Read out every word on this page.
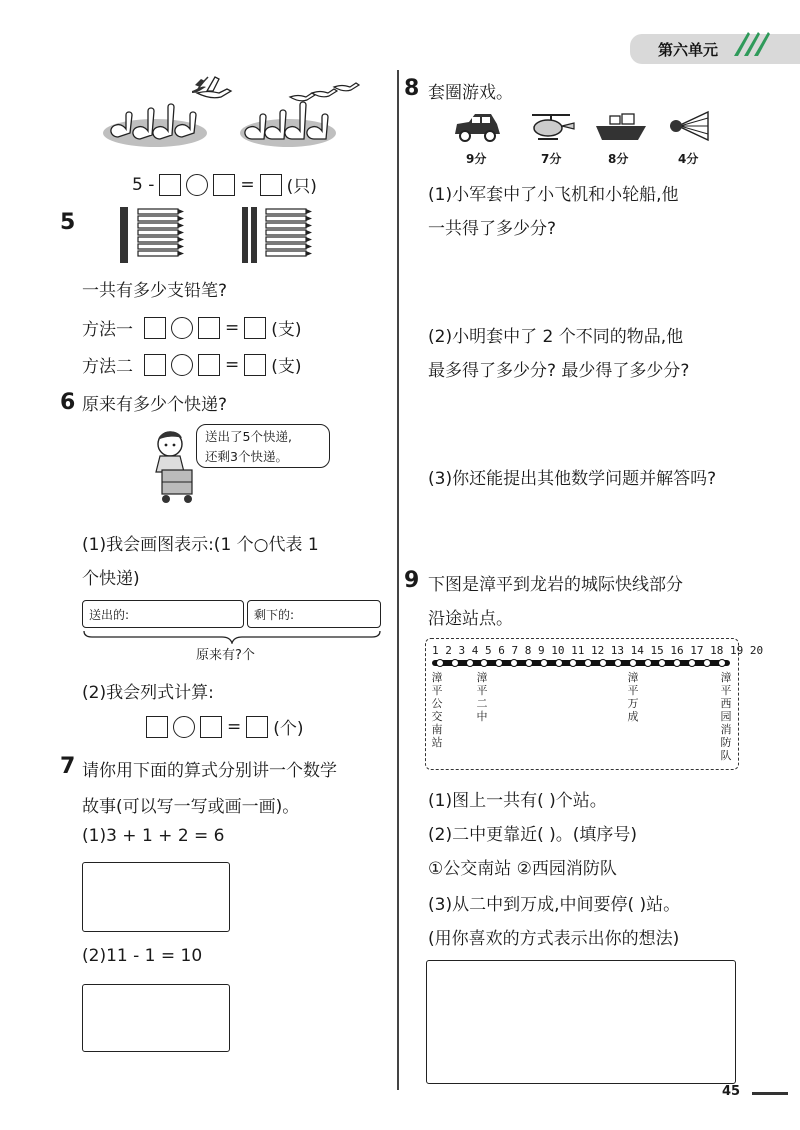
第六单元
5 -	= (只)
5
一共有多少支铅笔?
方法一	= (支)
方法二	= (支)
6 原来有多少个快递?
送出了5个快递,
还剩3个快递。
(1)我会画图表示:(1 个○代表 1
个快递)
送出的:	剩下的:
原来有?个
(2)我会列式计算:
= (个)
7 请你用下面的算式分别讲一个数学
故事(可以写一写或画一画)。
(1)3 + 1 + 2 = 6
(2)11 - 1 = 10
8 套圈游戏。
9分	7分	8分	4分
(1)小军套中了小飞机和小轮船,他
一共得了多少分?
(2)小明套中了 2 个不同的物品,他
最多得了多少分? 最少得了多少分?
(3)你还能提出其他数学问题并解答吗?
9 下图是漳平到龙岩的城际快线部分
沿途站点。
1 2 3 4 5 6 7 8 9 10 11 12 13 14 15 16 17 18 19 20
漳平公交南站
漳平二中
漳平万成
漳平西园消防队
(1)图上一共有( )个站。
(2)二中更靠近( )。(填序号)
①公交南站 ②西园消防队
(3)从二中到万成,中间要停( )站。
(用你喜欢的方式表示出你的想法)
45
